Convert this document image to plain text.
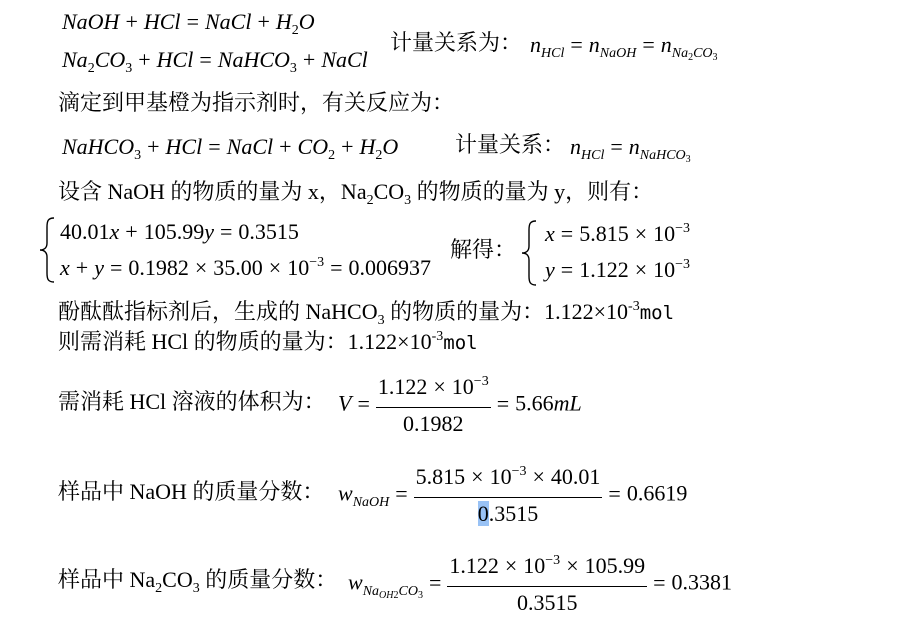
NaOH + HCl = NaCl + $H_2O$
$Na_2CO_3$ + HCl = NaHCO$_3$ + NaCl
计量关系为： $n_{HCl} = n_{NaOH} = n_{Na2CO3}$
滴定到甲基橙为指示剂时，有关反应为：
NaHCO$_3$ + HCl = NaCl + $CO_2 + H_2O$	计量关系： $n_{HCl} = n_{NaHCO3}$
设含 NaOH 的物质的量为 x，$Na_2CO_3$ 的物质的量为 y，则有：
40.01x + 105.99y = 0.3515
$x + y = 0.1982 \times 35.00 \times 10^{-3} = 0.006937$
解得：
$x = 5.815 \times 10^{-3}$
$y = 1.122 \times 10^{-3}$
酚酞酞指标剂后，生成的 NaHCO$_3$ 的物质的量为：$1.122\times 10^{-3}mol$
则需消耗 HCl 的物质的量为：$1.122\times 10^{-3}mol$
需消耗 HCl 溶液的体积为： $V = \frac{1.122 \times 10^{-3}}{0.1982} = 5.66mL$
样品中 NaOH 的质量分数： $w_{NaOH} = \frac{5.815 \times 10^{-3} \times 40.01}{0.3515} = 0.6619$
样品中 $Na_2CO_3$ 的质量分数： $w_{NaOH2CO3}= \frac{1.122 \times 10^{-3} \times 105.99}{0.3515} = 0.3381$
